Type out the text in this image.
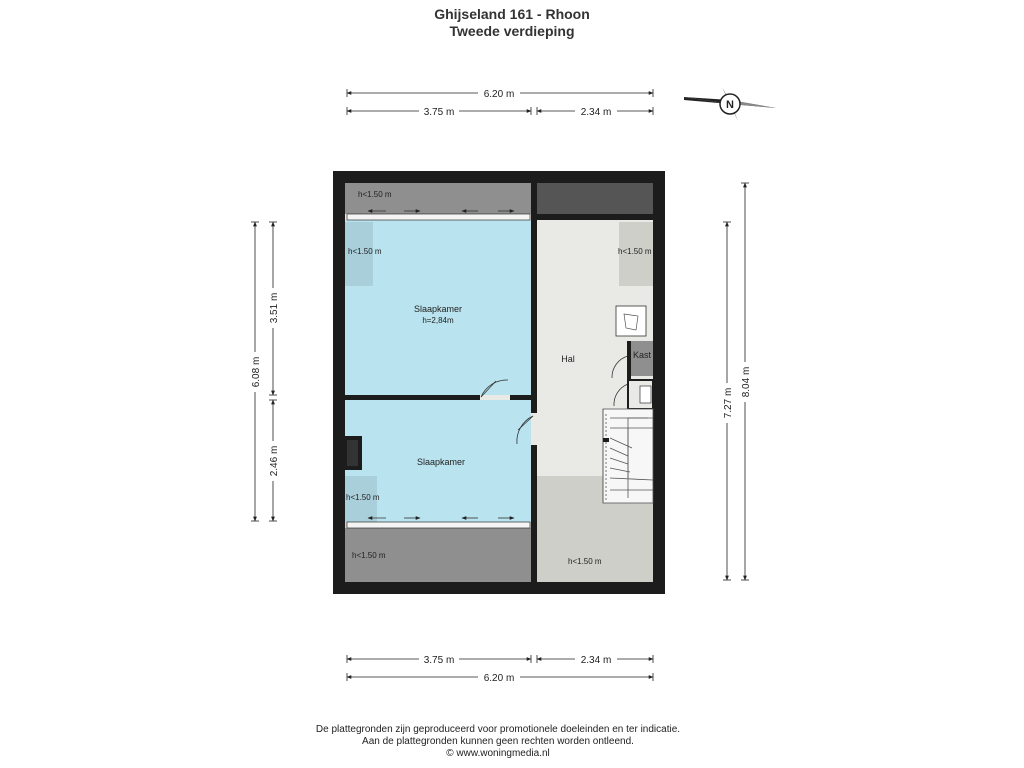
Ghijseland 161 - Rhoon
Tweede verdieping
6.20 m
3.75 m	2.34 m
3.75 m	2.34 m
6.20 m
6.08 m
3.51 m
2.46 m
7.27 m
8.04 m
N
Slaapkamer
h=2,84m
Slaapkamer
Hal	Kast
h<1.50 m
h<1.50 m	h<1.50 m
h<1.50 m
h<1.50 m
h<1.50 m
De plattegronden zijn geproduceerd voor promotionele doeleinden en ter indicatie.
Aan de plattegronden kunnen geen rechten worden ontleend.
© www.woningmedia.nl
